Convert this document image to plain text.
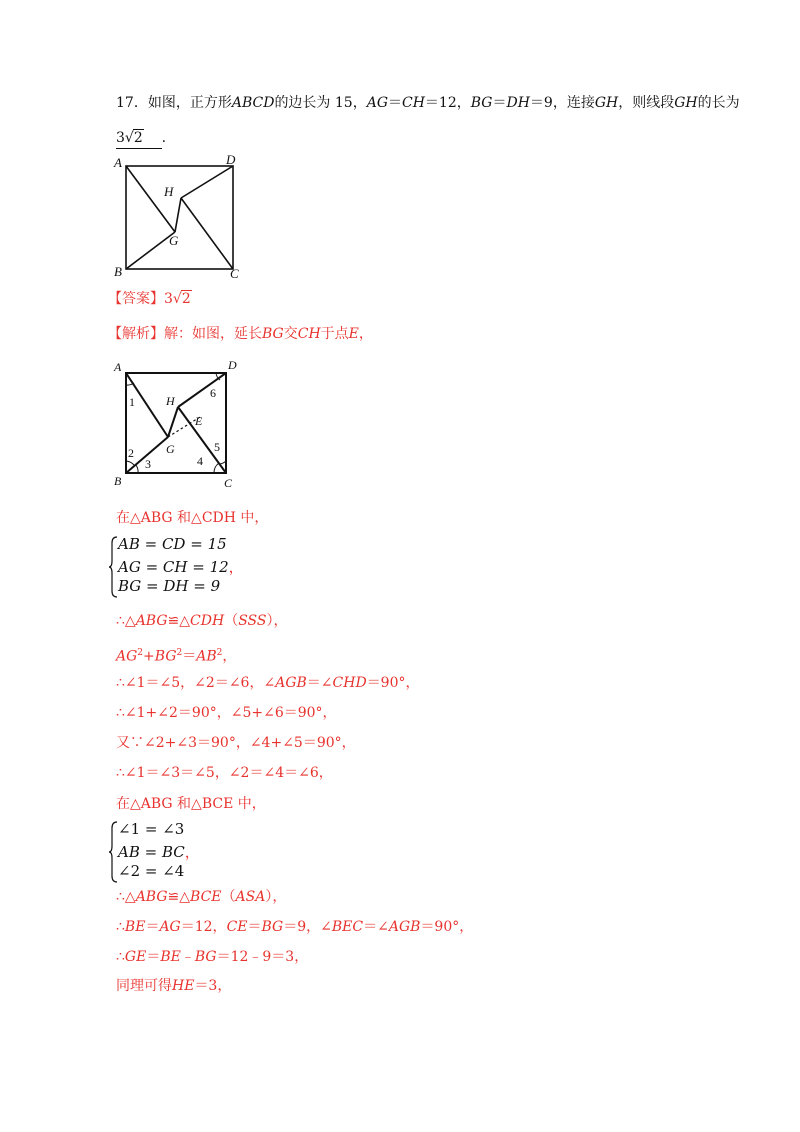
17．如图，正方形ABCD的边长为 15，AG＝CH＝12，BG＝DH＝9，连接GH，则线段GH的长为
3√2 .
A	D
H
G
B	C
【答案】3√2
【解析】解：如图，延长BG交CH于点E，
A	D
H
E
G
B	C
1
2
3	4
5
6
在△ABG 和△CDH 中，
AB = CD = 15
AG = CH = 12，
BG = DH = 9
∴△ABG≌△CDH（SSS），
$AG^2+BG^2=AB^2$，
∴∠1＝∠5，∠2＝∠6，∠AGB＝∠CHD＝90°，
∴∠1+∠2＝90°，∠5+∠6＝90°，
又∵∠2+∠3＝90°，∠4+∠5＝90°，
∴∠1＝∠3＝∠5，∠2＝∠4＝∠6，
在△ABG 和△BCE 中，
∠1 = ∠3
AB = BC，
∠2 = ∠4
∴△ABG≌△BCE（ASA），
∴BE＝AG＝12，CE＝BG＝9，∠BEC＝∠AGB＝90°，
∴GE＝BE﹣BG＝12﹣9＝3，
同理可得HE＝3，
